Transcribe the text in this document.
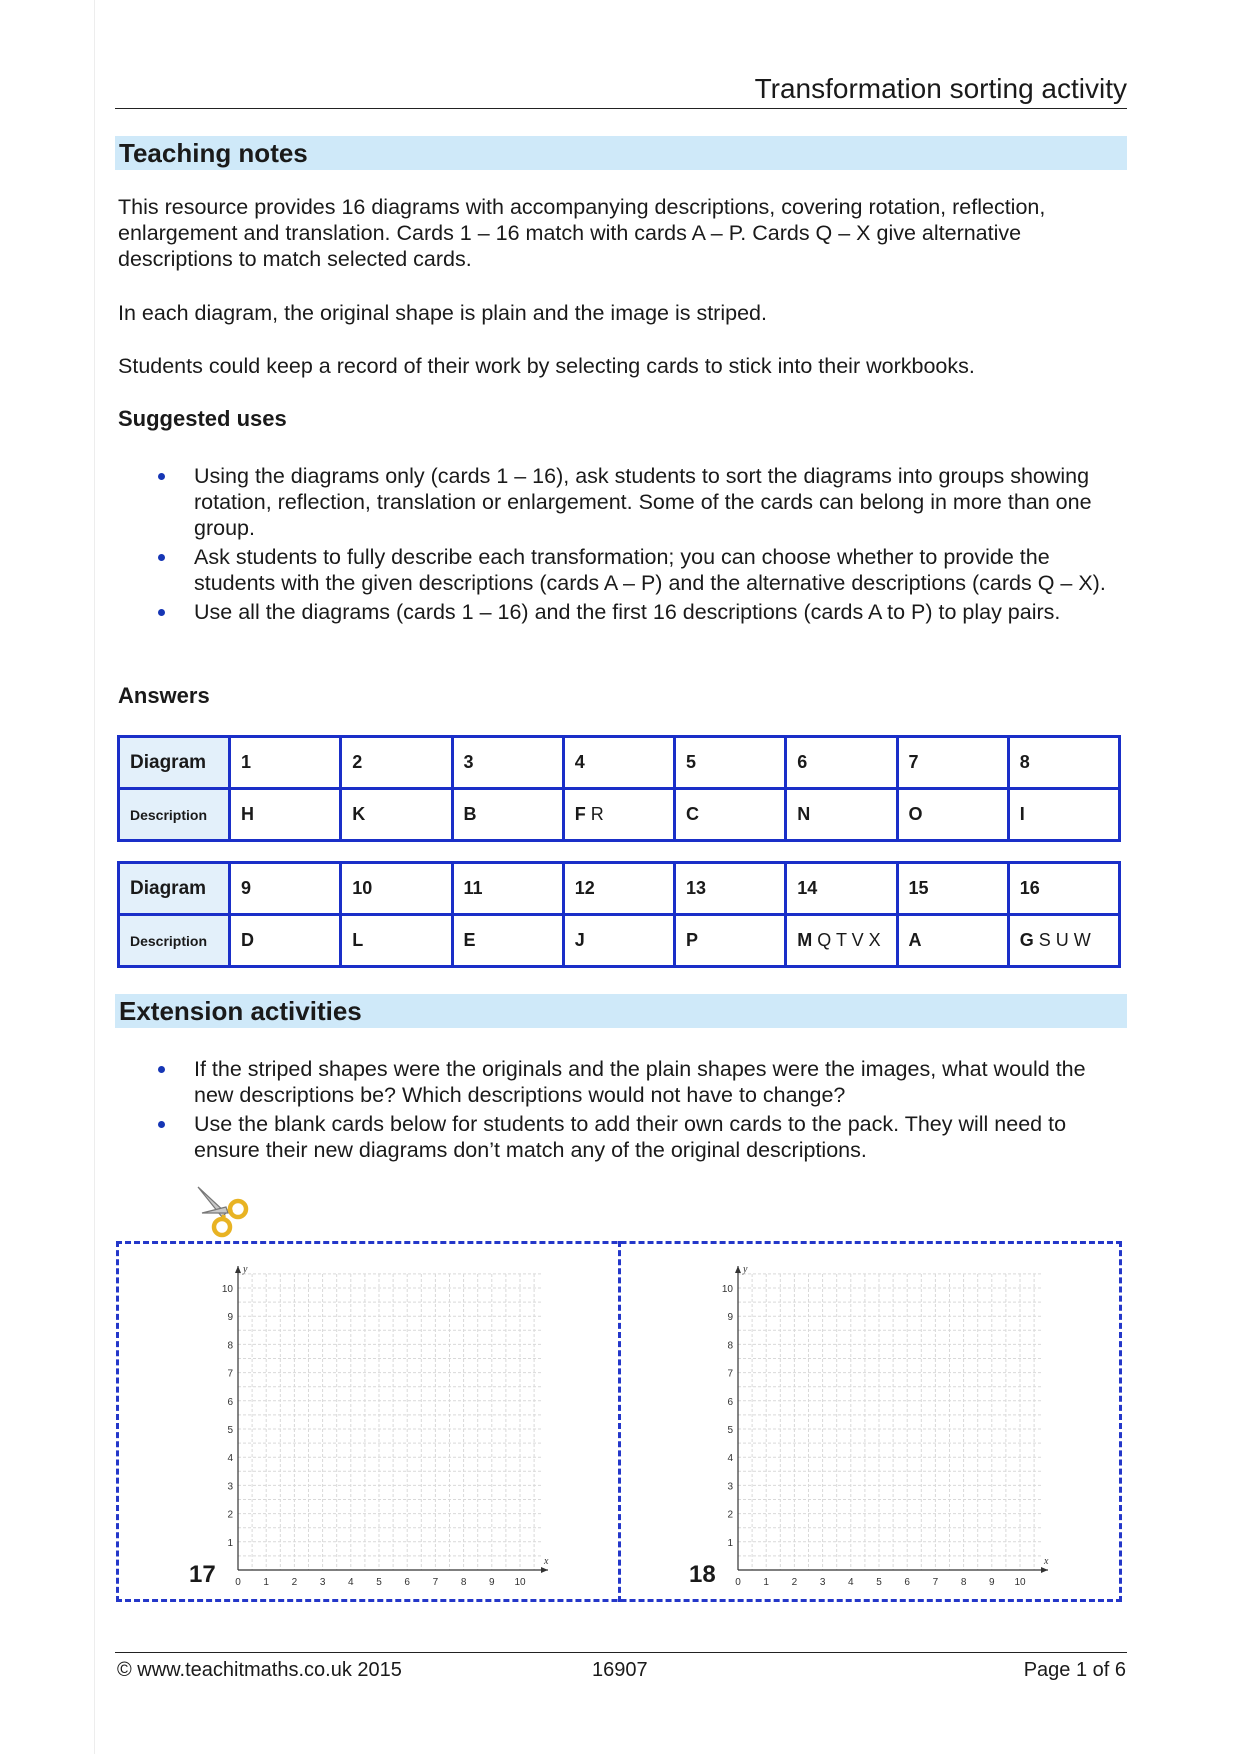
Transformation sorting activity
Teaching notes

This resource provides 16 diagrams with accompanying descriptions, covering rotation, reflection, enlargement and translation. Cards 1 – 16 match with cards A – P. Cards Q – X give alternative descriptions to match selected cards.

In each diagram, the original shape is plain and the image is striped.

Students could keep a record of their work by selecting cards to stick into their workbooks.

Suggested uses
Using the diagrams only (cards 1 – 16), ask students to sort the diagrams into groups showing rotation, reflection, translation or enlargement. Some of the cards can belong in more than one group.
Ask students to fully describe each transformation; you can choose whether to provide the students with the given descriptions (cards A – P) and the alternative descriptions (cards Q – X).
Use all the diagrams (cards 1 – 16) and the first 16 descriptions (cards A to P) to play pairs.
Answers
Diagram	1	2	3	4	5	6	7	8
Description	H	K	B	F R	C	N	O	I
Diagram	9	10	11	12	13	14	15	16
Description	D	L	E	J	P	M Q T V X	A	G S U W
Extension activities
If the striped shapes were the originals and the plain shapes were the images, what would the new descriptions be? Which descriptions would not have to change?
Use the blank cards below for students to add their own cards to the pack. They will need to ensure their new diagrams don’t match any of the original descriptions.
17	18
0 1 2 3 4 5 6 7 8 9 10
1
2
3
4
5
6
7
8
9
10
x
y
0 1 2 3 4 5 6 7 8 9 10
1
2
3
4
5
6
7
8
9
10
x
y
© www.teachitmaths.co.uk 2015	16907	Page 1 of 6
